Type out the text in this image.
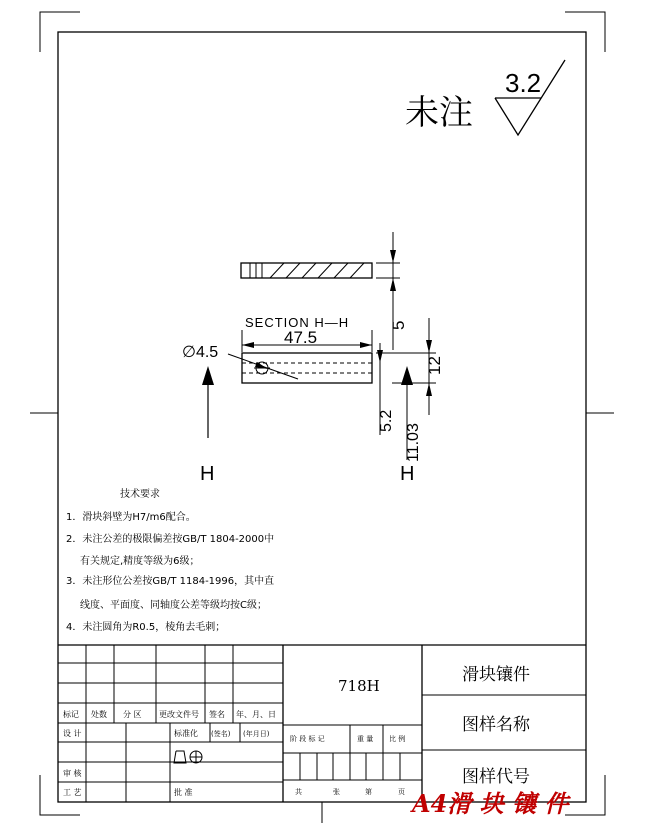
未注
3.2
5
SECTION H—H
47.5
∅4.5
12
5.2
11.03
H	H
技术要求
1．滑块斜壁为H7/m6配合。
2．未注公差的极限偏差按GB/T 1804-2000中
有关规定,精度等级为6级；
3．未注形位公差按GB/T 1184-1996，其中直
线度、平面度、同轴度公差等级均按C级；
4．未注圆角为R0.5，棱角去毛刺；
718H
滑块镶件
图样名称
图样代号
标记 处数 分 区 更改文件号 签名 年、月、日
设 计	标准化 (签名) (年月日)
审 核
工 艺	批 准
阶 段 标 记	重 量 比 例
共	张	第	页 A4滑 块 镶 件
